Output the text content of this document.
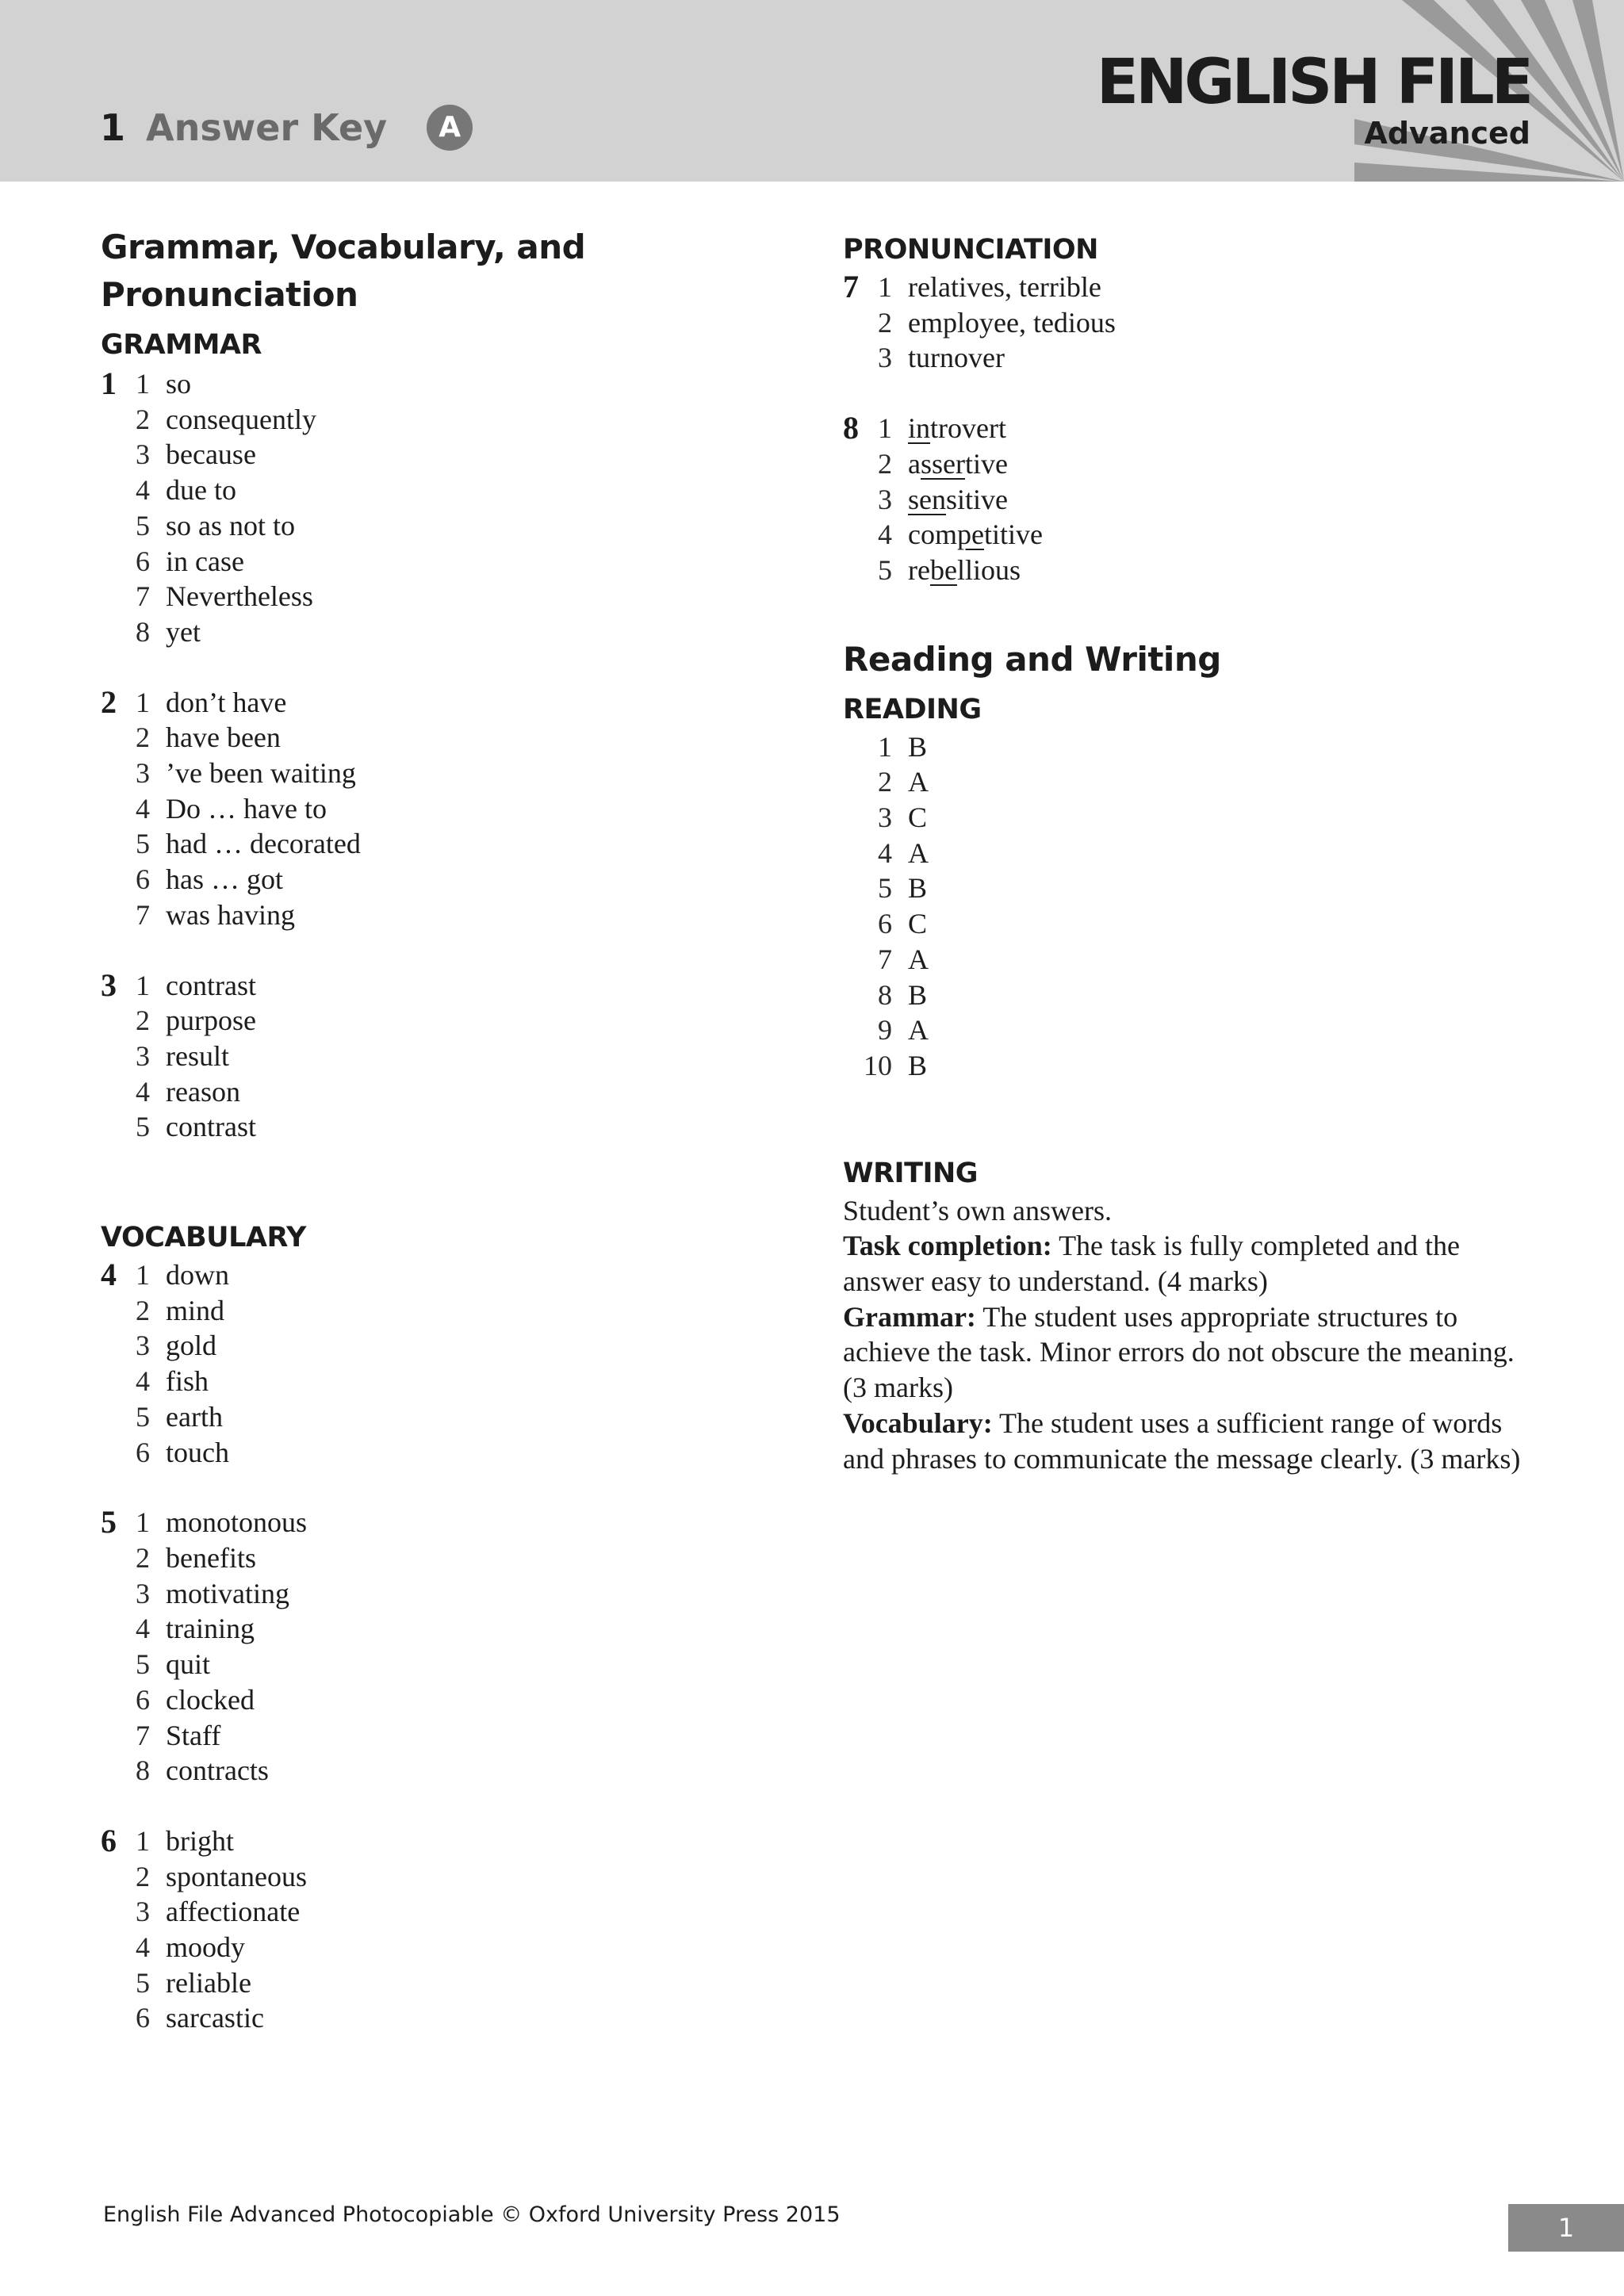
1 Answer Key	A
ENGLISH FILE
Advanced
Grammar, Vocabulary, and Pronunciation
GRAMMAR
1 1 so
2 consequently
3 because
4 due to
5 so as not to
6 in case
7 Nevertheless
8 yet
2 1 don’t have
2 have been
3 ’ve been waiting
4 Do … have to
5 had … decorated
6 has … got
7 was having
3 1 contrast
2 purpose
3 result
4 reason
5 contrast
VOCABULARY
4 1 down
2 mind
3 gold
4 fish
5 earth
6 touch
5 1 monotonous
2 benefits
3 motivating
4 training
5 quit
6 clocked
7 Staff
8 contracts
6 1 bright
2 spontaneous
3 affectionate
4 moody
5 reliable
6 sarcastic
PRONUNCIATION
7 1 relatives, terrible
2 employee, tedious
3 turnover
8 1 introvert
2 assertive
3 sensitive
4 competitive
5 rebellious
Reading and Writing
READING
1 B
2 A
3 C
4 A
5 B
6 C
7 A
8 B
9 A
10 B
WRITING

Student’s own answers.
Task completion: The task is fully completed and the answer easy to understand. (4 marks)
Grammar: The student uses appropriate structures to achieve the task. Minor errors do not obscure the meaning. (3 marks)
Vocabulary: The student uses a sufficient range of words and phrases to communicate the message clearly. (3 marks)

English File Advanced Photocopiable © Oxford University Press 2015	1
